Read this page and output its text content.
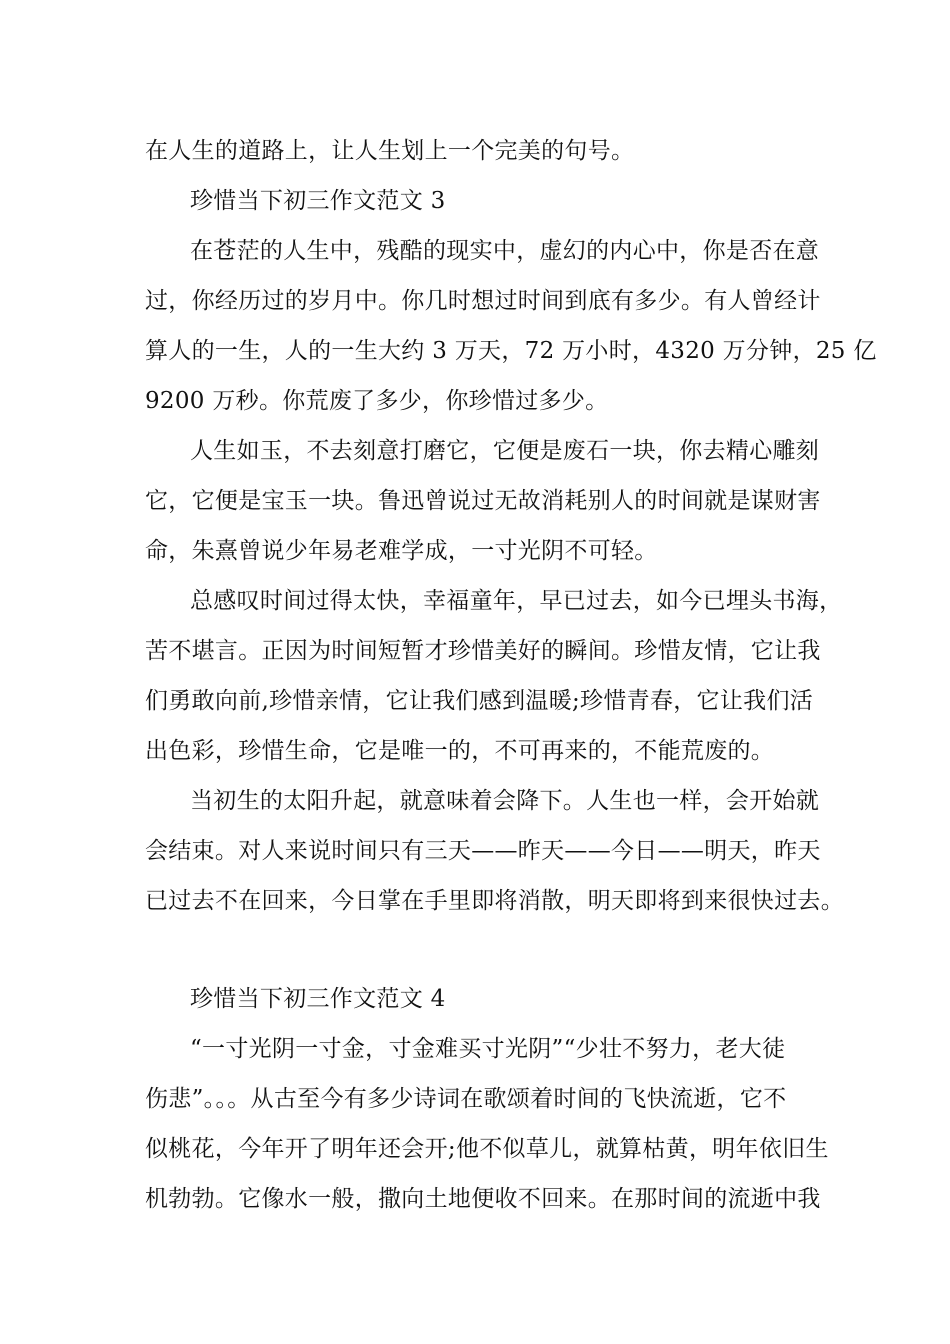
在人生的道路上，让人生划上一个完美的句号。
珍惜当下初三作文范文 3
在苍茫的人生中，残酷的现实中，虚幻的内心中，你是否在意
过，你经历过的岁月中。你几时想过时间到底有多少。有人曾经计
算人的一生，人的一生大约 3 万天，72 万小时，4320 万分钟，25 亿
9200 万秒。你荒废了多少，你珍惜过多少。
人生如玉，不去刻意打磨它，它便是废石一块，你去精心雕刻
它，它便是宝玉一块。鲁迅曾说过无故消耗别人的时间就是谋财害
命，朱熹曾说少年易老难学成，一寸光阴不可轻。
总感叹时间过得太快，幸福童年，早已过去，如今已埋头书海，
苦不堪言。正因为时间短暂才珍惜美好的瞬间。珍惜友情，它让我
们勇敢向前,珍惜亲情，它让我们感到温暖;珍惜青春，它让我们活
出色彩，珍惜生命，它是唯一的，不可再来的，不能荒废的。
当初生的太阳升起，就意味着会降下。人生也一样，会开始就
会结束。对人来说时间只有三天——昨天——今日——明天，昨天
已过去不在回来，今日掌在手里即将消散，明天即将到来很快过去。
珍惜当下初三作文范文 4
“一寸光阴一寸金，寸金难买寸光阴”“少壮不努力，老大徒
伤悲”。。。从古至今有多少诗词在歌颂着时间的飞快流逝，它不
似桃花，今年开了明年还会开;他不似草儿，就算枯黄，明年依旧生
机勃勃。它像水一般，撒向土地便收不回来。在那时间的流逝中我
